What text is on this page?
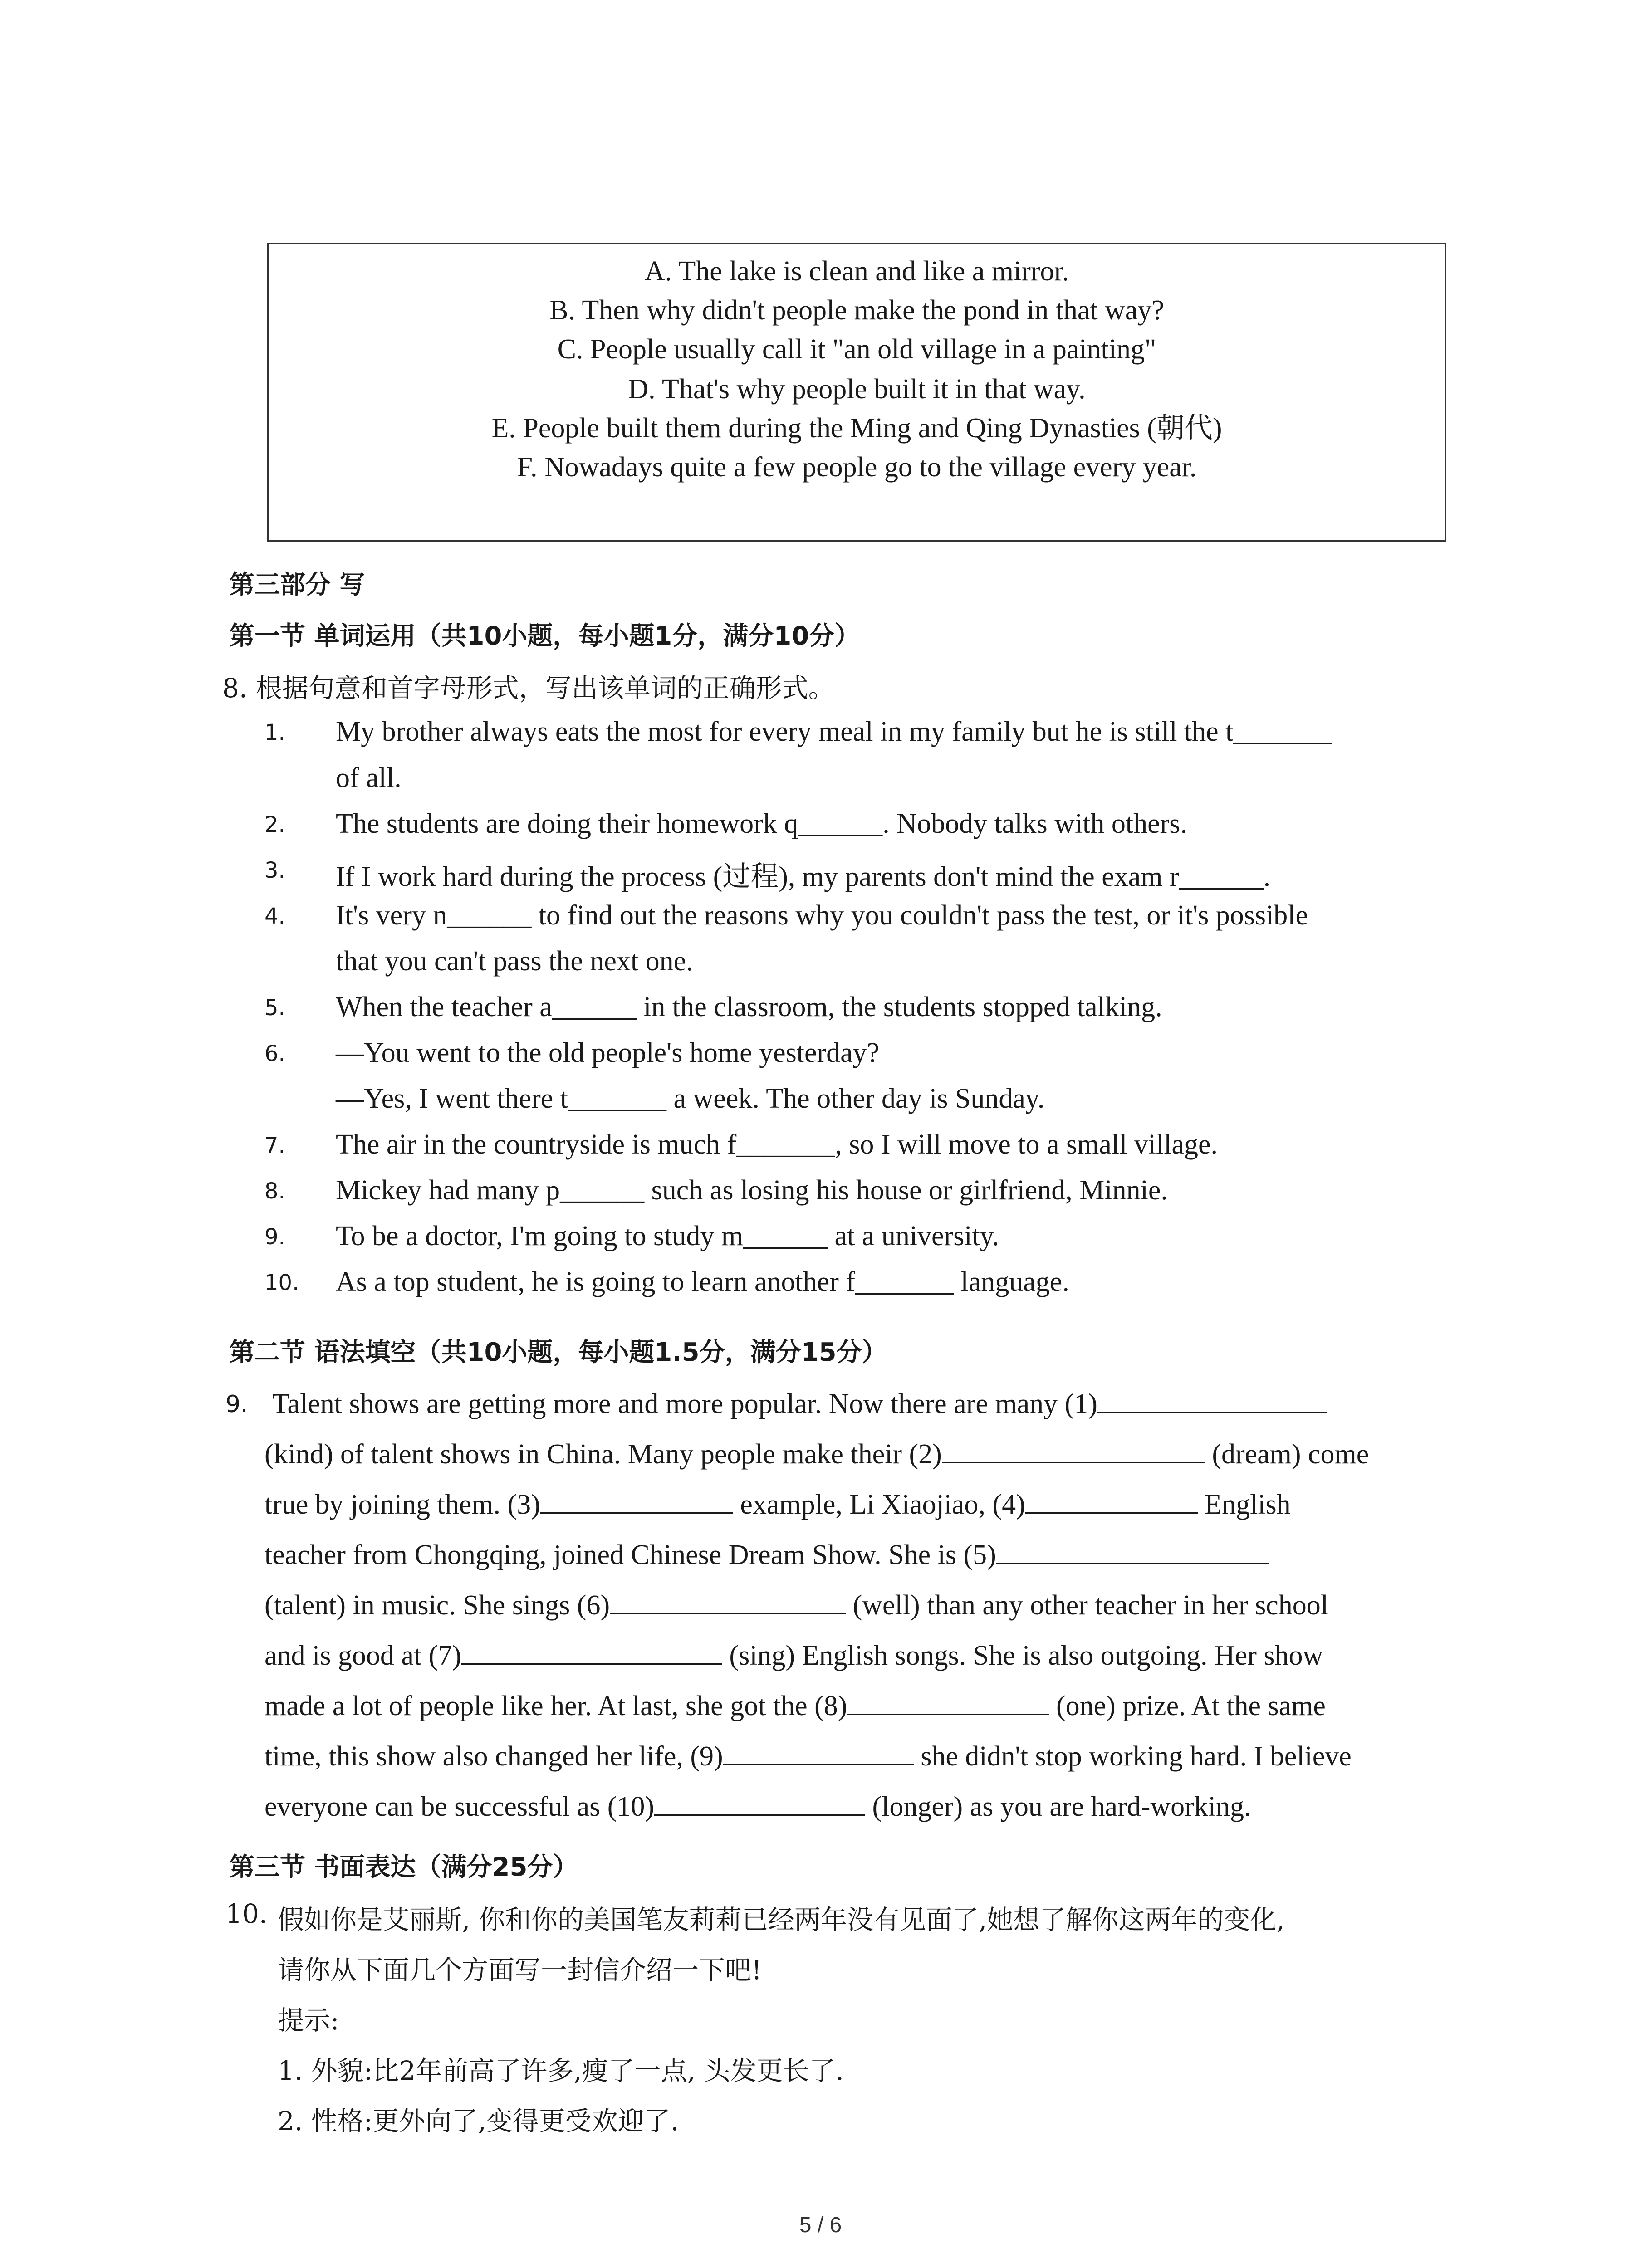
A. The lake is clean and like a mirror.
B. Then why didn't people make the pond in that way?
C. People usually call it "an old village in a painting"
D. That's why people built it in that way.
E. People built them during the Ming and Qing Dynasties (朝代)
F. Nowadays quite a few people go to the village every year.
第三部分 写
第一节 单词运用（共10小题，每小题1分，满分10分）
8. 根据句意和首字母形式，写出该单词的正确形式。
1. My brother always eats the most for every meal in my family but he is still the t_______
of all.
2. The students are doing their homework q______. Nobody talks with others.
3. If I work hard during the process (过程), my parents don't mind the exam r______.
4. It's very n______ to find out the reasons why you couldn't pass the test, or it's possible
that you can't pass the next one.
5. When the teacher a______ in the classroom, the students stopped talking.
6. —You went to the old people's home yesterday?
—Yes, I went there t_______ a week. The other day is Sunday.
7. The air in the countryside is much f_______, so I will move to a small village.
8. Mickey had many p______ such as losing his house or girlfriend, Minnie.
9. To be a doctor, I'm going to study m______ at a university.
10. As a top student, he is going to learn another f_______ language.
第二节 语法填空（共10小题，每小题1.5分，满分15分）
9. Talent shows are getting more and more popular. Now there are many (1)
(kind) of talent shows in China. Many people make their (2)	(dream) come
true by joining them. (3)	example, Li Xiaojiao, (4)	English
teacher from Chongqing, joined Chinese Dream Show. She is (5)
(talent) in music. She sings (6)	(well) than any other teacher in her school
and is good at (7)	(sing) English songs. She is also outgoing. Her show
made a lot of people like her. At last, she got the (8)	(one) prize. At the same
time, this show also changed her life, (9)	she didn't stop working hard. I believe
everyone can be successful as (10)	(longer) as you are hard-working.
第三节 书面表达（满分25分）
10. 假如你是艾丽斯, 你和你的美国笔友莉莉已经两年没有见面了,她想了解你这两年的变化,
请你从下面几个方面写一封信介绍一下吧!
提示:
1. 外貌:比2年前高了许多,瘦了一点, 头发更长了.
2. 性格:更外向了,变得更受欢迎了.
5 / 6
